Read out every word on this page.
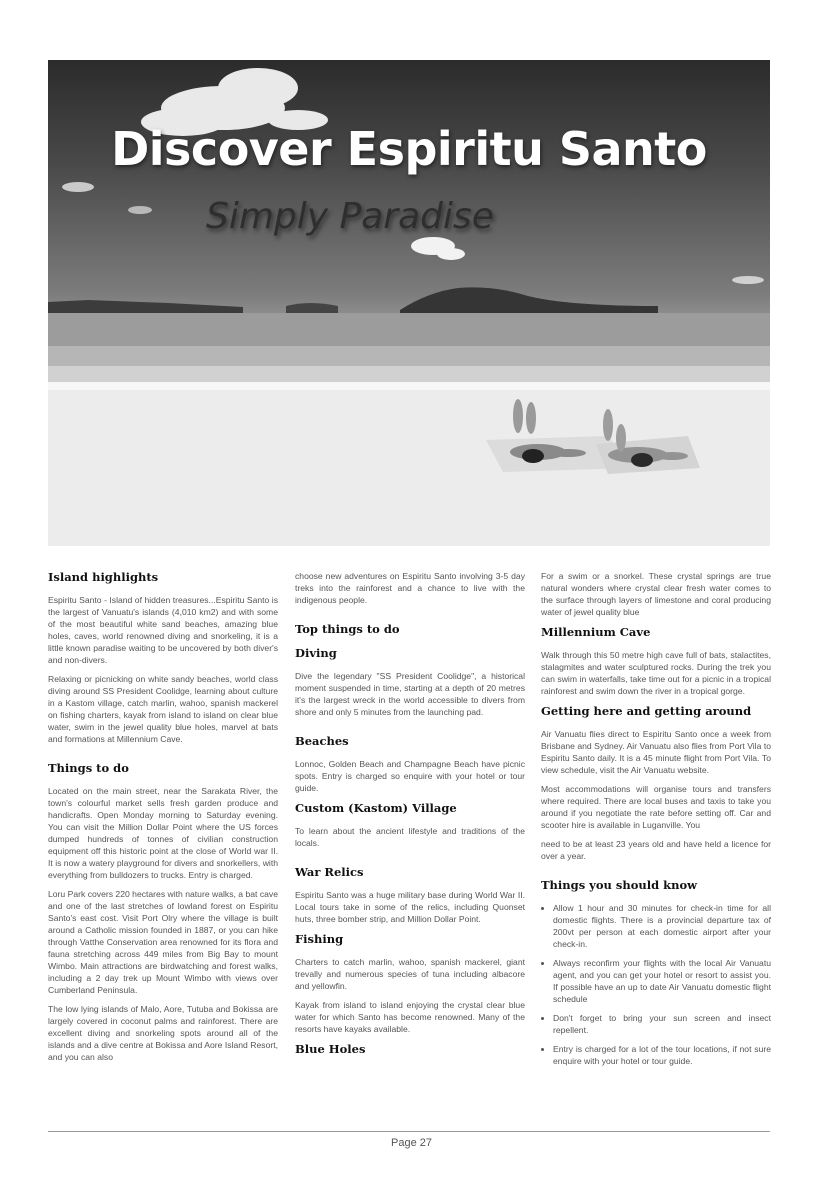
Discover Espiritu Santo
Simply Paradise
Island highlights

Espiritu Santo - Island of hidden treasures...Espiritu Santo is the largest of Vanuatu's islands (4,010 km2) and with some of the most beautiful white sand beaches, amazing blue holes, caves, world renowned diving and snorkeling, it is a little known paradise waiting to be uncovered by both diver's and non-divers.

Relaxing or picnicking on white sandy beaches, world class diving around SS President Coolidge, learning about culture in a Kastom village, catch marlin, wahoo, spanish mackerel on fishing charters, kayak from island to island on clear blue water, swim in the jewel quality blue holes, marvel at bats and formations at Millennium Cave.

Things to do

Located on the main street, near the Sarakata River, the town's colourful market sells fresh garden produce and handicrafts. Open Monday morning to Saturday evening. You can visit the Million Dollar Point where the US forces dumped hundreds of tonnes of civilian construction equipment off this historic point at the close of World war II. It is now a watery playground for divers and snorkellers, with everything from bulldozers to trucks. Entry is charged.

Loru Park covers 220 hectares with nature walks, a bat cave and one of the last stretches of lowland forest on Espiritu Santo's east cost. Visit Port Olry where the village is built around a Catholic mission founded in 1887, or you can hike through Vatthe Conservation area renowned for its flora and fauna stretching across 449 miles from Big Bay to mount Wimbo. Main attractions are birdwatching and forest walks, including a 2 day trek up Mount Wimbo with views over Cumberland Peninsula.

The low lying islands of Malo, Aore, Tutuba and Bokissa are largely covered in coconut palms and rainforest. There are excellent diving and snorkeling spots around all of the islands and a dive centre at Bokissa and Aore Island Resort, and you can also

choose new adventures on Espiritu Santo involving 3-5 day treks into the rainforest and a chance to live with the indigenous people.

Top things to do
Diving

Dive the legendary "SS President Coolidge", a historical moment suspended in time, starting at a depth of 20 metres it's the largest wreck in the world accessible to divers from shore and only 5 minutes from the launching pad.

Beaches

Lonnoc, Golden Beach and Champagne Beach have picnic spots. Entry is charged so enquire with your hotel or tour guide.

Custom (Kastom) Village

To learn about the ancient lifestyle and traditions of the locals.

War Relics

Espiritu Santo was a huge military base during World War II. Local tours take in some of the relics, including Quonset huts, three bomber strip, and Million Dollar Point.

Fishing

Charters to catch marlin, wahoo, spanish mackerel, giant trevally and numerous species of tuna including albacore and yellowfin.

Kayak from island to island enjoying the crystal clear blue water for which Santo has become renowned. Many of the resorts have kayaks available.

Blue Holes

For a swim or a snorkel. These crystal springs are true natural wonders where crystal clear fresh water comes to the surface through layers of limestone and coral producing water of jewel quality blue

Millennium Cave

Walk through this 50 metre high cave full of bats, stalactites, stalagmites and water sculptured rocks. During the trek you can swim in waterfalls, take time out for a picnic in a tropical rainforest and swim down the river in a tropical gorge.

Getting here and getting around

Air Vanuatu flies direct to Espiritu Santo once a week from Brisbane and Sydney. Air Vanuatu also flies from Port Vila to Espiritu Santo daily. It is a 45 minute flight from Port Vila. To view schedule, visit the Air Vanuatu website.

Most accommodations will organise tours and transfers where required. There are local buses and taxis to take you around if you negotiate the rate before setting off. Car and scooter hire is available in Luganville. You

need to be at least 23 years old and have held a licence for over a year.

Things you should know
• Allow 1 hour and 30 minutes for check-in time for all domestic flights. There is a provincial departure tax of 200vt per person at each domestic airport after your check-in.
• Always reconfirm your flights with the local Air Vanuatu agent, and you can get your hotel or resort to assist you. If possible have an up to date Air Vanuatu domestic flight schedule
• Don't forget to bring your sun screen and insect repellent.
• Entry is charged for a lot of the tour locations, if not sure enquire with your hotel or tour guide.
Page 27
